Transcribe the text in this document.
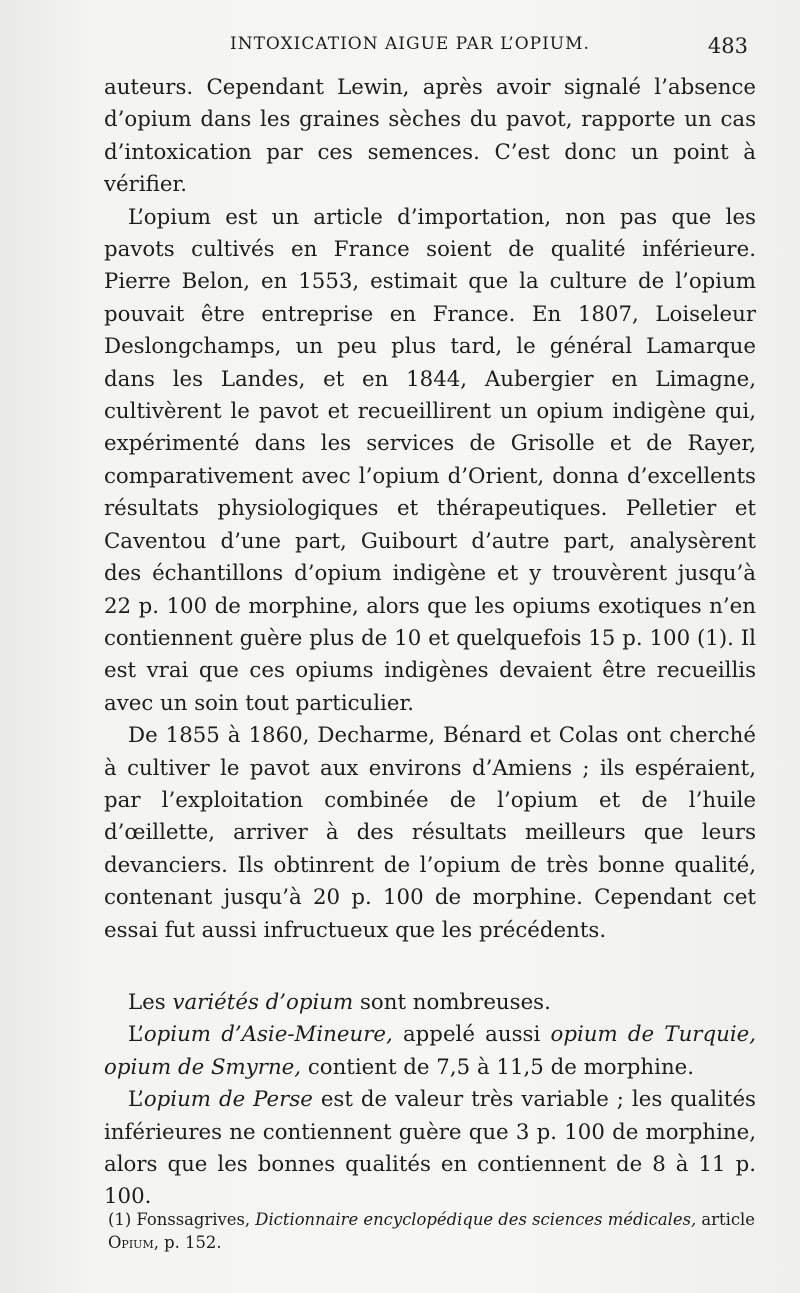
INTOXICATION AIGUE PAR L’OPIUM.	483

auteurs. Cependant Lewin, après avoir signalé l’absence d’opium dans les graines sèches du pavot, rapporte un cas d’intoxication par ces semences. C’est donc un point à vérifier.

L’opium est un article d’importation, non pas que les pavots cultivés en France soient de qualité inférieure. Pierre Belon, en 1553, estimait que la culture de l’opium pouvait être entreprise en France. En 1807, Loiseleur Deslongchamps, un peu plus tard, le général Lamarque dans les Landes, et en 1844, Aubergier en Limagne, cultivèrent le pavot et recueillirent un opium indigène qui, expérimenté dans les services de Grisolle et de Rayer, comparativement avec l’opium d’Orient, donna d’excellents résultats physiologiques et thérapeutiques. Pelletier et Caventou d’une part, Guibourt d’autre part, analysèrent des échantillons d’opium indigène et y trouvèrent jusqu’à 22 p. 100 de morphine, alors que les opiums exotiques n’en contiennent guère plus de 10 et quelquefois 15 p. 100 (1). Il est vrai que ces opiums indigènes devaient être recueillis avec un soin tout particulier.

De 1855 à 1860, Decharme, Bénard et Colas ont cherché à cultiver le pavot aux environs d’Amiens ; ils espéraient, par l’exploitation combinée de l’opium et de l’huile d’œillette, arriver à des résultats meilleurs que leurs devanciers. Ils obtinrent de l’opium de très bonne qualité, contenant jusqu’à 20 p. 100 de morphine. Cependant cet essai fut aussi infructueux que les précédents.

Les variétés d’opium sont nombreuses.

L’opium d’Asie-Mineure, appelé aussi opium de Turquie, opium de Smyrne, contient de 7,5 à 11,5 de morphine.

L’opium de Perse est de valeur très variable ; les qualités inférieures ne contiennent guère que 3 p. 100 de morphine, alors que les bonnes qualités en contiennent de 8 à 11 p. 100.

(1) Fonssagrives, Dictionnaire encyclopédique des sciences médicales, article Opium, p. 152.
